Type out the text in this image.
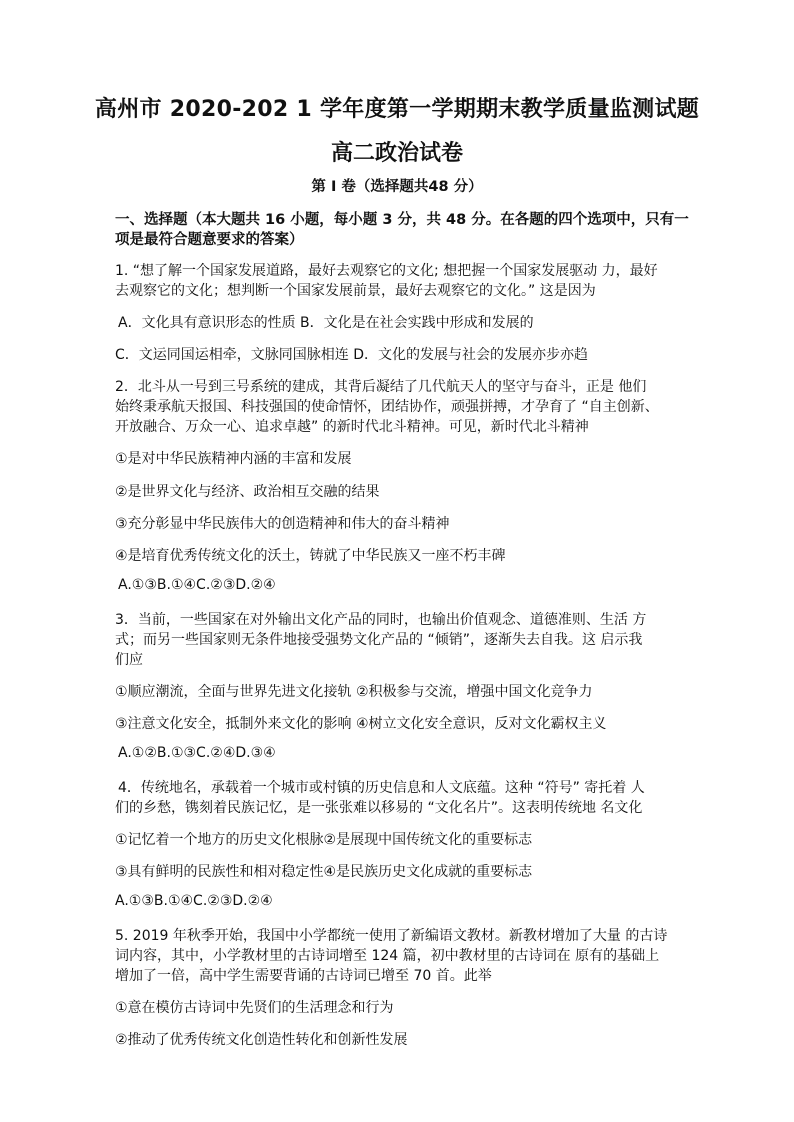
高州市 2020-202 1 学年度第一学期期末教学质量监测试题
高二政治试卷
第 I 卷（选择题共48 分）
一、选择题（本大题共 16 小题，每小题 3 分，共 48 分。在各题的四个选项中，只有一
项是最符合题意要求的答案）
1. “想了解一个国家发展道路，最好去观察它的文化; 想把握一个国家发展驱动 力，最好
去观察它的文化；想判断一个国家发展前景，最好去观察它的文化。” 这是因为
A．文化具有意识形态的性质 B．文化是在社会实践中形成和发展的
C．文运同国运相牵，文脉同国脉相连 D．文化的发展与社会的发展亦步亦趋
2．北斗从一号到三号系统的建成，其背后凝结了几代航天人的坚守与奋斗，正是 他们
始终秉承航天报国、科技强国的使命情怀，团结协作，顽强拼搏，才孕育了 “自主创新、
开放融合、万众一心、追求卓越” 的新时代北斗精神。可见，新时代北斗精神
①是对中华民族精神内涵的丰富和发展
②是世界文化与经济、政治相互交融的结果
③充分彰显中华民族伟大的创造精神和伟大的奋斗精神
④是培育优秀传统文化的沃土，铸就了中华民族又一座不朽丰碑
A.①③B.①④C.②③D.②④
3．当前，一些国家在对外输出文化产品的同时，也输出价值观念、道德准则、生活 方
式；而另一些国家则无条件地接受强势文化产品的 “倾销”，逐渐失去自我。这 启示我
们应
①顺应潮流，全面与世界先进文化接轨 ②积极参与交流，增强中国文化竞争力
③注意文化安全，抵制外来文化的影响 ④树立文化安全意识，反对文化霸权主义
A.①②B.①③C.②④D.③④
4．传统地名，承载着一个城市或村镇的历史信息和人文底蕴。这种 “符号” 寄托着 人
们的乡愁，镌刻着民族记忆，是一张张难以移易的 “文化名片”。这表明传统地 名文化
①记忆着一个地方的历史文化根脉②是展现中国传统文化的重要标志
③具有鲜明的民族性和相对稳定性④是民族历史文化成就的重要标志
A.①③B.①④C.②③D.②④
5. 2019 年秋季开始，我国中小学都统一使用了新编语文教材。新教材增加了大量 的古诗
词内容，其中，小学教材里的古诗词增至 124 篇，初中教材里的古诗词在 原有的基础上
增加了一倍，高中学生需要背诵的古诗词已增至 70 首。此举
①意在模仿古诗词中先贤们的生活理念和行为
②推动了优秀传统文化创造性转化和创新性发展
